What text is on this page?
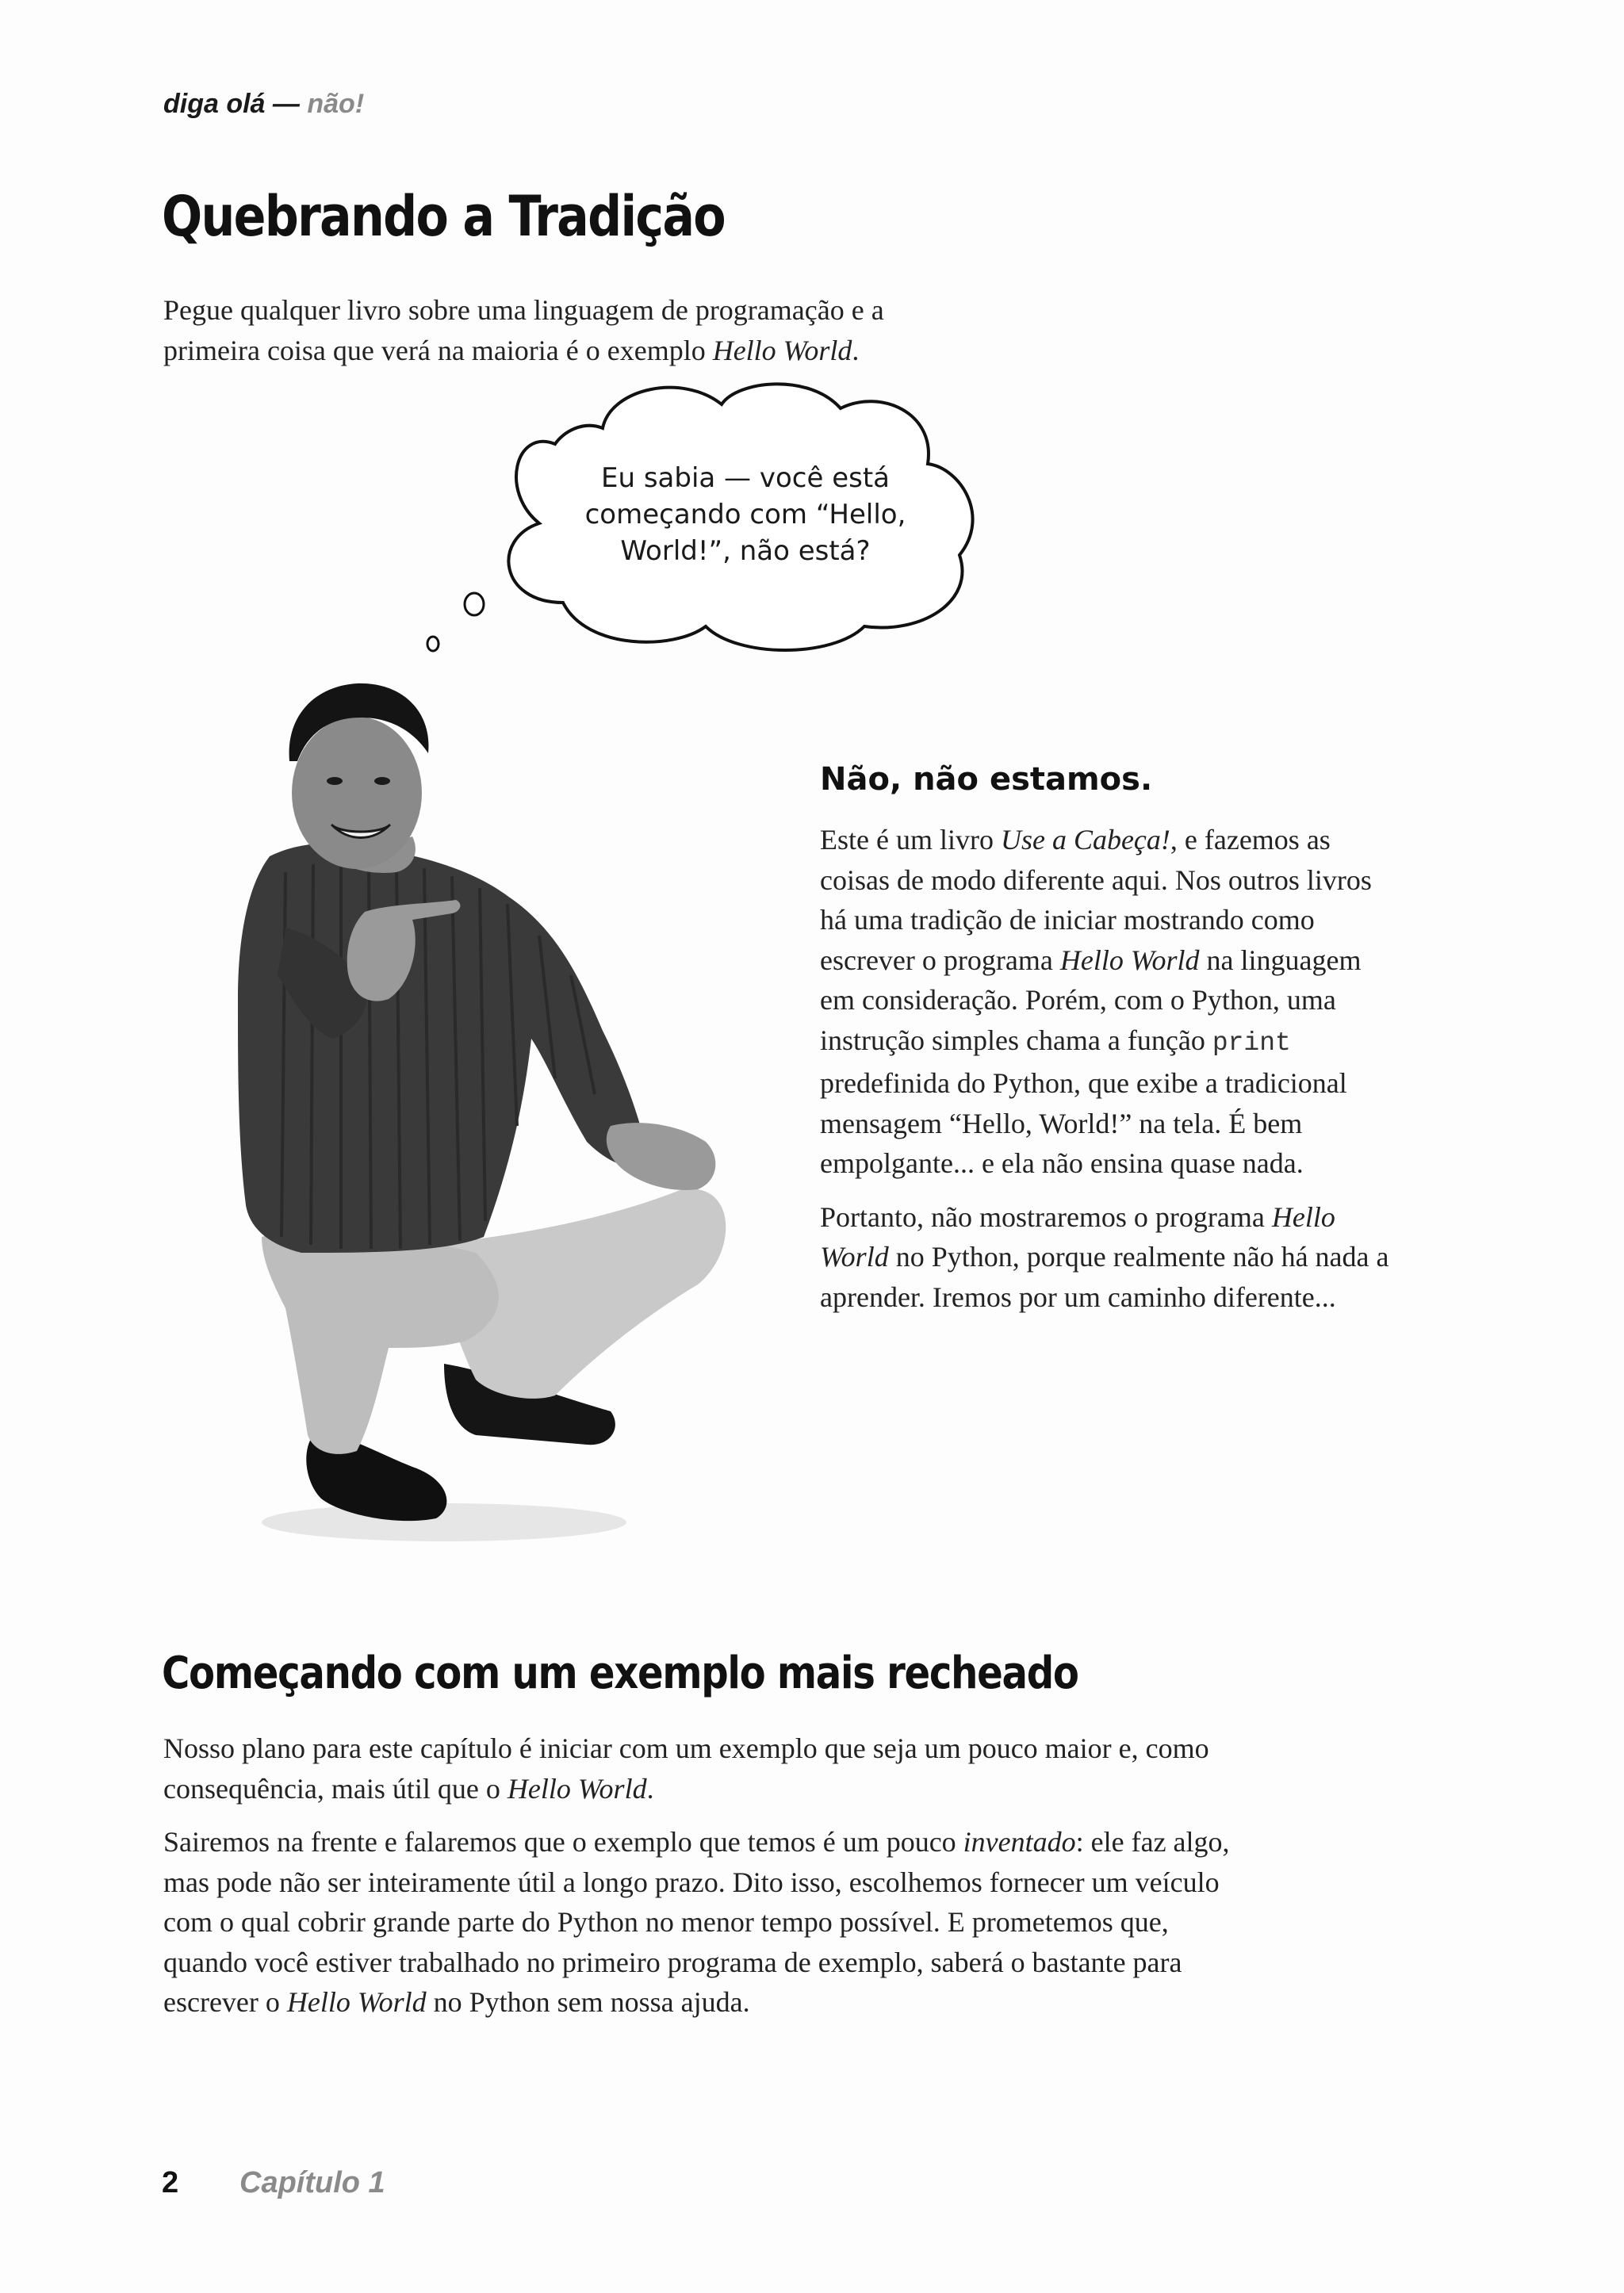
diga olá — não!
Quebrando a Tradição

Pegue qualquer livro sobre uma linguagem de programação e a
primeira coisa que verá na maioria é o exemplo Hello World.

Eu sabia — você está
começando com “Hello,
World!”, não está?
Não, não estamos.

Este é um livro Use a Cabeça!, e fazemos as coisas de modo diferente aqui. Nos outros livros há uma tradição de iniciar mostrando como escrever o programa Hello World na linguagem em consideração. Porém, com o Python, uma instrução simples chama a função print predefinida do Python, que exibe a tradicional mensagem “Hello, World!” na tela. É bem empolgante... e ela não ensina quase nada.

Portanto, não mostraremos o programa Hello World no Python, porque realmente não há nada a aprender. Iremos por um caminho diferente...

Começando com um exemplo mais recheado

Nosso plano para este capítulo é iniciar com um exemplo que seja um pouco maior e, como consequência, mais útil que o Hello World.

Sairemos na frente e falaremos que o exemplo que temos é um pouco inventado: ele faz algo, mas pode não ser inteiramente útil a longo prazo. Dito isso, escolhemos fornecer um veículo com o qual cobrir grande parte do Python no menor tempo possível. E prometemos que, quando você estiver trabalhado no primeiro programa de exemplo, saberá o bastante para escrever o Hello World no Python sem nossa ajuda.

2 Capítulo 1
